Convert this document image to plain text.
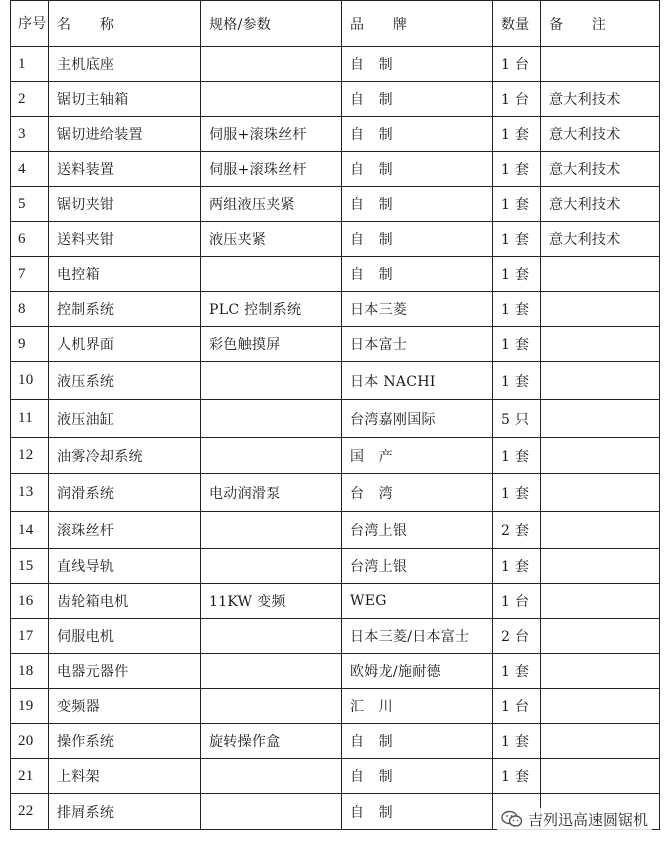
序号	名　　称	规格/参数	品　　牌	数量	备　　注
1	主机底座		自　制	1 台	
2	锯切主轴箱		自　制	1 台	意大利技术
3	锯切进给装置	伺服+滚珠丝杆	自　制	1 套	意大利技术
4	送料装置	伺服+滚珠丝杆	自　制	1 套	意大利技术
5	锯切夹钳	两组液压夹紧	自　制	1 套	意大利技术
6	送料夹钳	液压夹紧	自　制	1 套	意大利技术
7	电控箱		自　制	1 套	
8	控制系统	PLC 控制系统	日本三菱	1 套	
9	人机界面	彩色触摸屏	日本富士	1 套	
10	液压系统		日本 NACHI	1 套	
11	液压油缸		台湾嘉刚国际	5 只	
12	油雾冷却系统		国　产	1 套	
13	润滑系统	电动润滑泵	台　湾	1 套	
14	滚珠丝杆		台湾上银	2 套	
15	直线导轨		台湾上银	1 套	
16	齿轮箱电机	11KW 变频	WEG	1 台	
17	伺服电机		日本三菱/日本富士	2 台	
18	电器元器件		欧姆龙/施耐德	1 套	
19	变频器		汇　川	1 台	
20	操作系统	旋转操作盒	自　制	1 套	
21	上料架		自　制	1 套	
22	排屑系统		自　制			吉列迅高速圆锯机
